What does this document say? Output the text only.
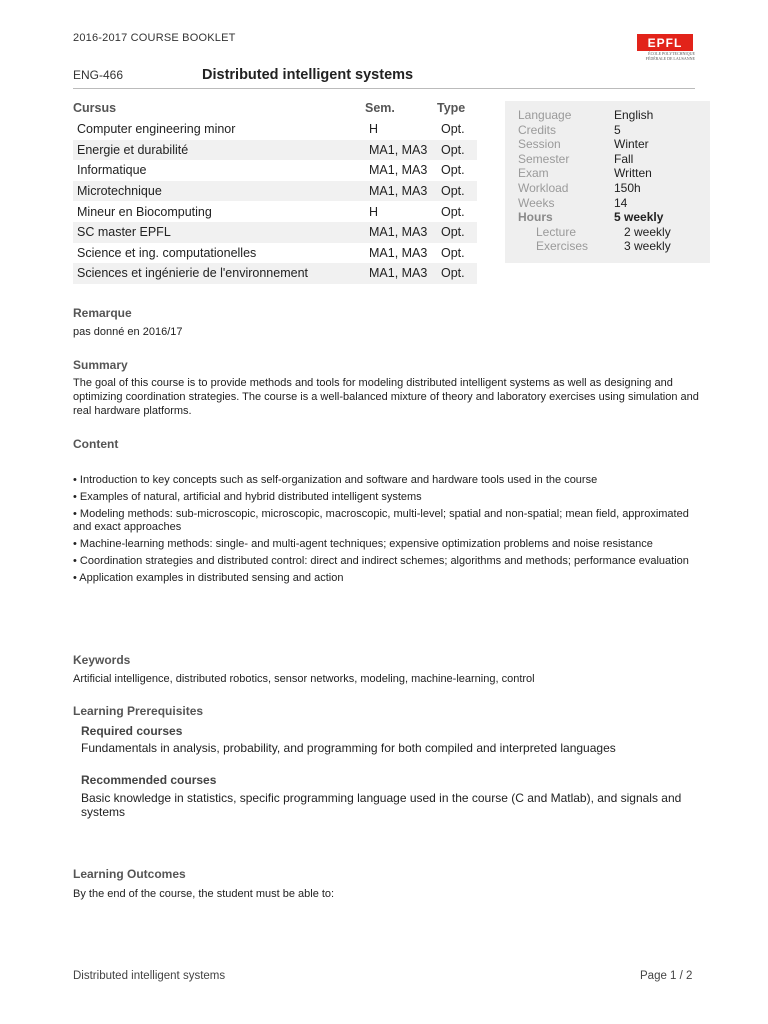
2016-2017 COURSE BOOKLET	EPFL
ÉCOLE POLYTECHNIQUE
FÉDÉRALE DE LAUSANNE
ENG-466	Distributed intelligent systems
Cursus	Sem.	Type
Computer engineering minor	H	Opt.
Energie et durabilité	MA1, MA3	Opt.
Informatique	MA1, MA3	Opt.
Microtechnique	MA1, MA3	Opt.
Mineur en Biocomputing	H	Opt.
SC master EPFL	MA1, MA3	Opt.
Science et ing. computationelles	MA1, MA3	Opt.
Sciences et ingénierie de l'environnement	MA1, MA3	Opt.
Language	English
Credits	5
Session	Winter
Semester	Fall
Exam	Written
Workload	150h
Weeks	14
Hours	5 weekly
Lecture	2 weekly
Exercises	3 weekly
Remarque
pas donné en 2016/17
Summary
The goal of this course is to provide methods and tools for modeling distributed intelligent systems as well as designing and optimizing coordination strategies. The course is a well-balanced mixture of theory and laboratory exercises using simulation and real hardware platforms.
Content
• Introduction to key concepts such as self-organization and software and hardware tools used in the course
• Examples of natural, artificial and hybrid distributed intelligent systems
• Modeling methods: sub-microscopic, microscopic, macroscopic, multi-level; spatial and non-spatial; mean field, approximated and exact approaches
• Machine-learning methods: single- and multi-agent techniques; expensive optimization problems and noise resistance
• Coordination strategies and distributed control: direct and indirect schemes; algorithms and methods; performance evaluation
• Application examples in distributed sensing and action
Keywords
Artificial intelligence, distributed robotics, sensor networks, modeling, machine-learning, control
Learning Prerequisites
Required courses
Fundamentals in analysis, probability, and programming for both compiled and interpreted languages
Recommended courses
Basic knowledge in statistics, specific programming language used in the course (C and Matlab), and signals and systems
Learning Outcomes
By the end of the course, the student must be able to:
Distributed intelligent systems	Page 1 / 2
